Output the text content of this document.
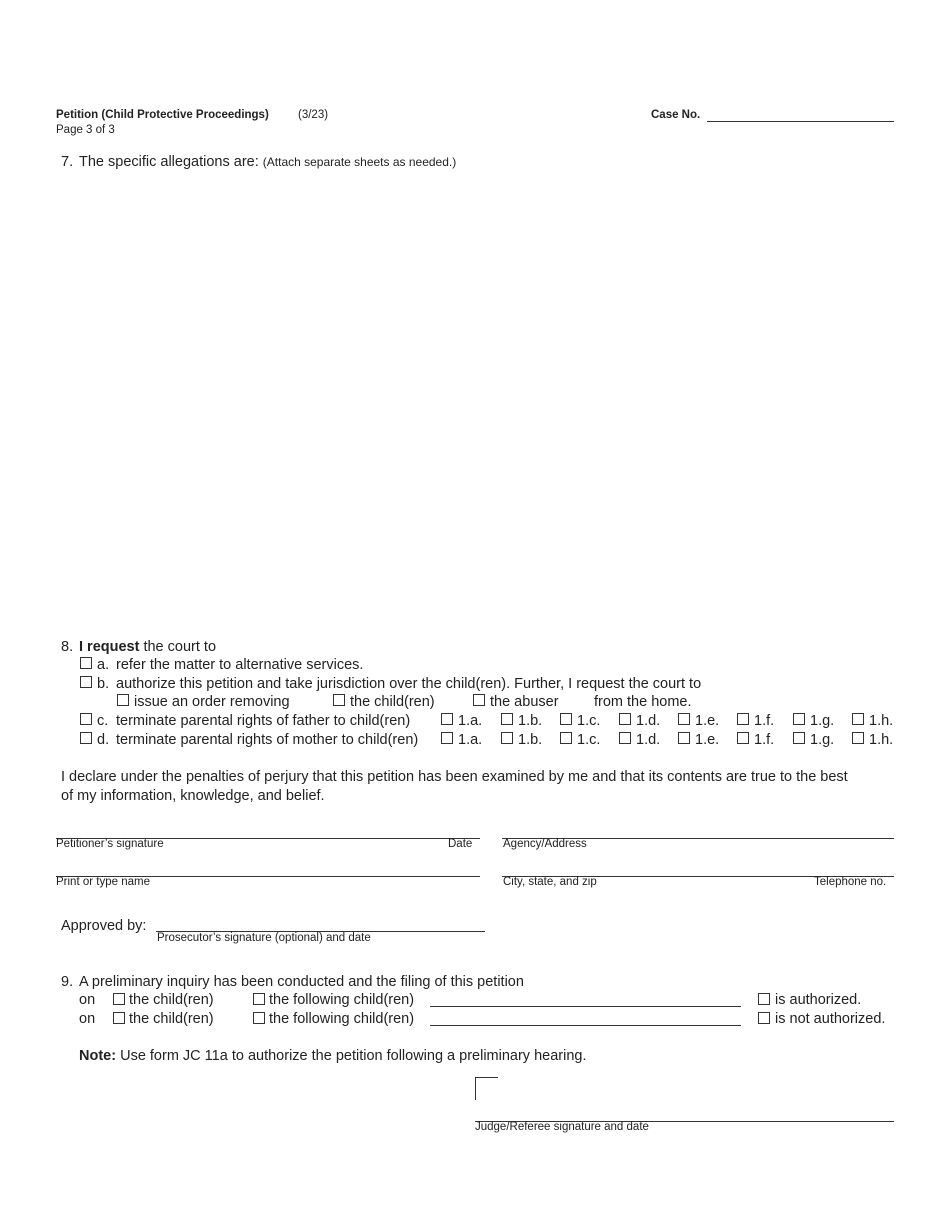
Petition (Child Protective Proceedings)	(3/23)
Page 3 of 3
Case No.
7. The specific allegations are: (Attach separate sheets as needed.)
8. I request the court to
a. refer the matter to alternative services.
b. authorize this petition and take jurisdiction over the child(ren). Further, I request the court to
issue an order removing	the child(ren)	the abuser from the home.
c. terminate parental rights of father to child(ren)	1.a. 1.b. 1.c. 1.d. 1.e. 1.f. 1.g. 1.h.
d. terminate parental rights of mother to child(ren)	1.a. 1.b. 1.c. 1.d. 1.e. 1.f. 1.g. 1.h.
I declare under the penalties of perjury that this petition has been examined by me and that its contents are true to the best
of my information, knowledge, and belief.
Petitioner’s signature	Date	Agency/Address
Print or type name	City, state, and zip	Telephone no.
Approved by:
Prosecutor’s signature (optional) and date
9. A preliminary inquiry has been conducted and the filing of this petition
on the child(ren)	the following child(ren)	is authorized.
on the child(ren)	the following child(ren)	is not authorized.
Note: Use form JC 11a to authorize the petition following a preliminary hearing.
Judge/Referee signature and date
